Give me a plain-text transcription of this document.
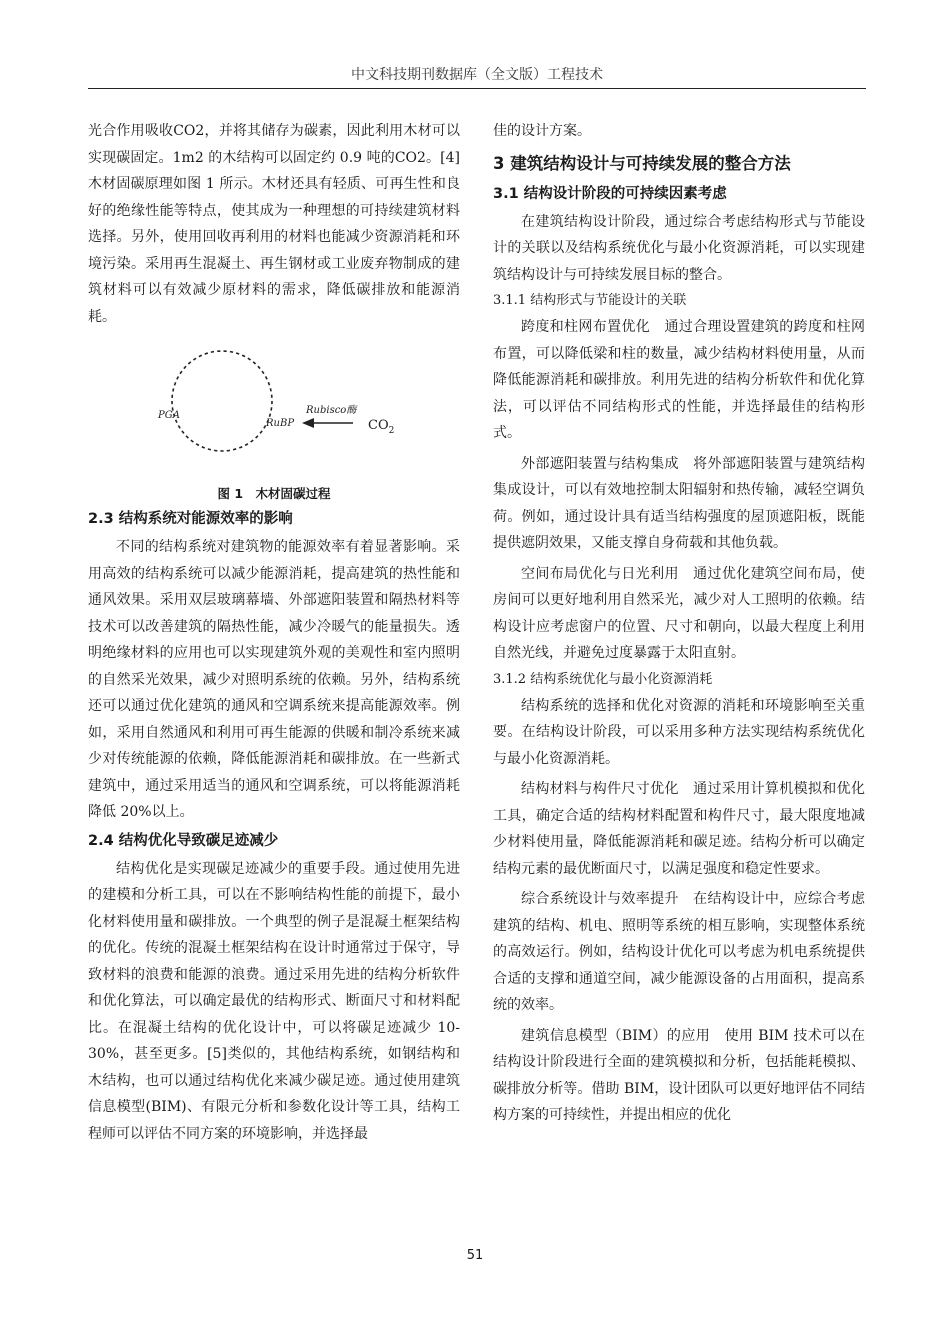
中文科技期刊数据库（全文版）工程技术

光合作用吸收CO2，并将其储存为碳素，因此利用木材可以实现碳固定。1m2 的木结构可以固定约 0.9 吨的CO2。[4]木材固碳原理如图 1 所示。木材还具有轻质、可再生性和良好的绝缘性能等特点，使其成为一种理想的可持续建筑材料选择。另外，使用回收再利用的材料也能减少资源消耗和环境污染。采用再生混凝土、再生钢材或工业废弃物制成的建筑材料可以有效减少原材料的需求，降低碳排放和能源消耗。

PGA
RuBP
Rubisco酶
$CO_2$
图 1　木材固碳过程
2.3 结构系统对能源效率的影响

不同的结构系统对建筑物的能源效率有着显著影响。采用高效的结构系统可以减少能源消耗，提高建筑的热性能和通风效果。采用双层玻璃幕墙、外部遮阳装置和隔热材料等技术可以改善建筑的隔热性能，减少冷暖气的能量损失。透明绝缘材料的应用也可以实现建筑外观的美观性和室内照明的自然采光效果，减少对照明系统的依赖。另外，结构系统还可以通过优化建筑的通风和空调系统来提高能源效率。例如，采用自然通风和利用可再生能源的供暖和制冷系统来减少对传统能源的依赖，降低能源消耗和碳排放。在一些新式建筑中，通过采用适当的通风和空调系统，可以将能源消耗降低 20%以上。

2.4 结构优化导致碳足迹减少

结构优化是实现碳足迹减少的重要手段。通过使用先进的建模和分析工具，可以在不影响结构性能的前提下，最小化材料使用量和碳排放。一个典型的例子是混凝土框架结构的优化。传统的混凝土框架结构在设计时通常过于保守，导致材料的浪费和能源的浪费。通过采用先进的结构分析软件和优化算法，可以确定最优的结构形式、断面尺寸和材料配比。在混凝土结构的优化设计中，可以将碳足迹减少 10-30%，甚至更多。[5]类似的，其他结构系统，如钢结构和木结构，也可以通过结构优化来减少碳足迹。通过使用建筑信息模型(BIM)、有限元分析和参数化设计等工具，结构工程师可以评估不同方案的环境影响，并选择最

佳的设计方案。

3 建筑结构设计与可持续发展的整合方法
3.1 结构设计阶段的可持续因素考虑

在建筑结构设计阶段，通过综合考虑结构形式与节能设计的关联以及结构系统优化与最小化资源消耗，可以实现建筑结构设计与可持续发展目标的整合。

3.1.1 结构形式与节能设计的关联

跨度和柱网布置优化　通过合理设置建筑的跨度和柱网布置，可以降低梁和柱的数量，减少结构材料使用量，从而降低能源消耗和碳排放。利用先进的结构分析软件和优化算法，可以评估不同结构形式的性能，并选择最佳的结构形式。

外部遮阳装置与结构集成　将外部遮阳装置与建筑结构集成设计，可以有效地控制太阳辐射和热传输，减轻空调负荷。例如，通过设计具有适当结构强度的屋顶遮阳板，既能提供遮阴效果，又能支撑自身荷载和其他负载。

空间布局优化与日光利用　通过优化建筑空间布局，使房间可以更好地利用自然采光，减少对人工照明的依赖。结构设计应考虑窗户的位置、尺寸和朝向，以最大程度上利用自然光线，并避免过度暴露于太阳直射。

3.1.2 结构系统优化与最小化资源消耗

结构系统的选择和优化对资源的消耗和环境影响至关重要。在结构设计阶段，可以采用多种方法实现结构系统优化与最小化资源消耗。

结构材料与构件尺寸优化　通过采用计算机模拟和优化工具，确定合适的结构材料配置和构件尺寸，最大限度地减少材料使用量，降低能源消耗和碳足迹。结构分析可以确定结构元素的最优断面尺寸，以满足强度和稳定性要求。

综合系统设计与效率提升　在结构设计中，应综合考虑建筑的结构、机电、照明等系统的相互影响，实现整体系统的高效运行。例如，结构设计优化可以考虑为机电系统提供合适的支撑和通道空间，减少能源设备的占用面积，提高系统的效率。

建筑信息模型（BIM）的应用　使用 BIM 技术可以在结构设计阶段进行全面的建筑模拟和分析，包括能耗模拟、碳排放分析等。借助 BIM，设计团队可以更好地评估不同结构方案的可持续性，并提出相应的优化

51
